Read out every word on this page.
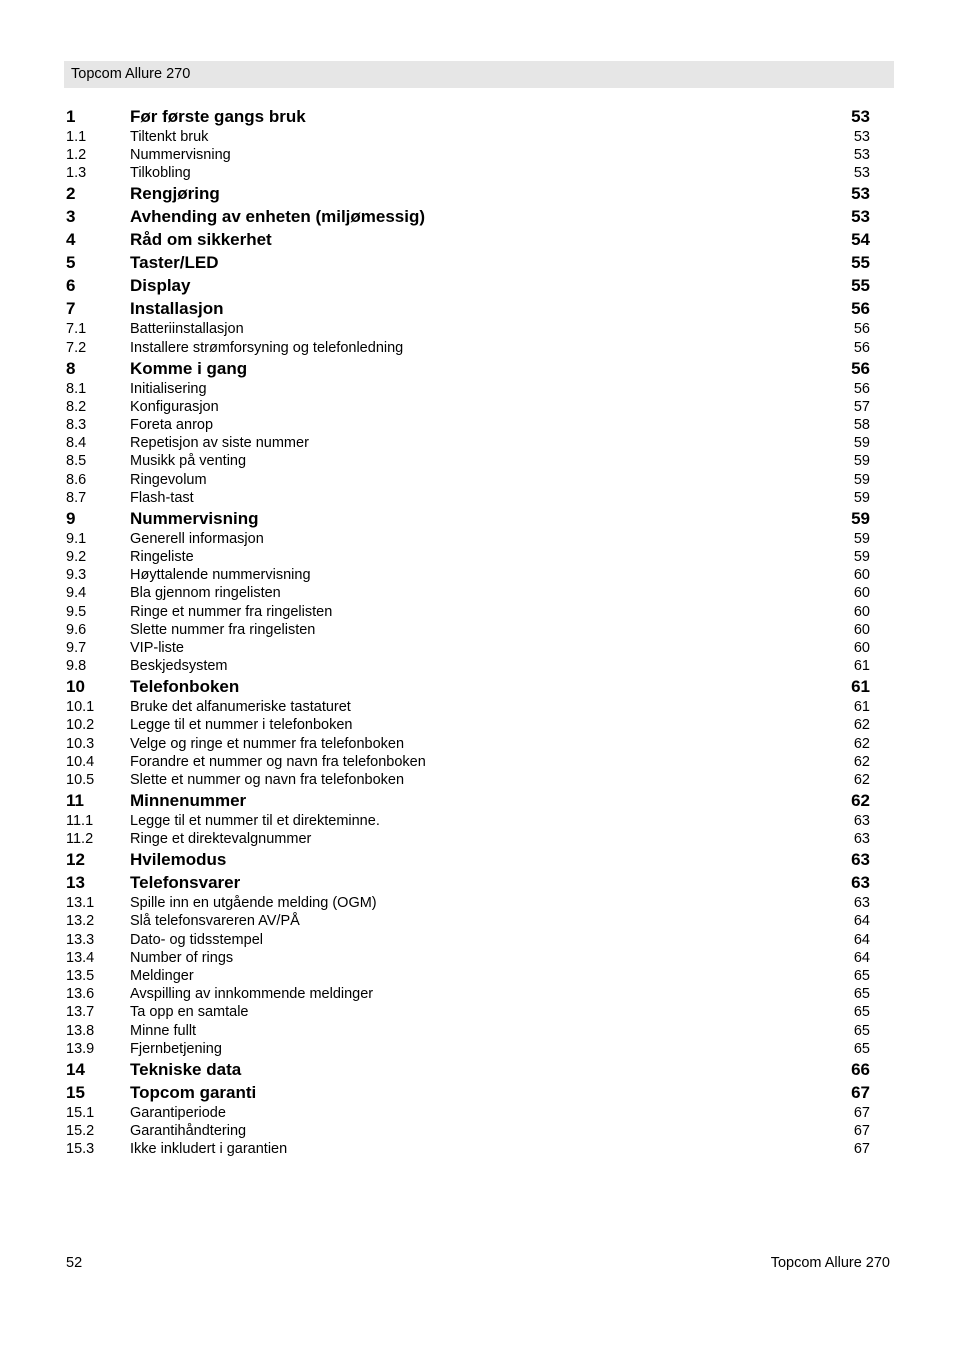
Topcom Allure 270
1	Før første gangs bruk	53
1.1	Tiltenkt bruk	53
1.2	Nummervisning	53
1.3	Tilkobling	53
2	Rengjøring	53
3	Avhending av enheten (miljømessig)	53
4	Råd om sikkerhet	54
5	Taster/LED	55
6	Display	55
7	Installasjon	56
7.1	Batteriinstallasjon	56
7.2	Installere strømforsyning og telefonledning	56
8	Komme i gang	56
8.1	Initialisering	56
8.2	Konfigurasjon	57
8.3	Foreta anrop	58
8.4	Repetisjon av siste nummer	59
8.5	Musikk på venting	59
8.6	Ringevolum	59
8.7	Flash-tast	59
9	Nummervisning	59
9.1	Generell informasjon	59
9.2	Ringeliste	59
9.3	Høyttalende nummervisning	60
9.4	Bla gjennom ringelisten	60
9.5	Ringe et nummer fra ringelisten	60
9.6	Slette nummer fra ringelisten	60
9.7	VIP-liste	60
9.8	Beskjedsystem	61
10	Telefonboken	61
10.1 Bruke det alfanumeriske tastaturet	61
10.2 Legge til et nummer i telefonboken	62
10.3 Velge og ringe et nummer fra telefonboken	62
10.4 Forandre et nummer og navn fra telefonboken	62
10.5 Slette et nummer og navn fra telefonboken	62
11	Minnenummer	62
11.1	Legge til et nummer til et direkteminne.	63
11.2	Ringe et direktevalgnummer	63
12	Hvilemodus	63
13	Telefonsvarer	63
13.1 Spille inn en utgående melding (OGM)	63
13.2 Slå telefonsvareren AV/PÅ	64
13.3 Dato- og tidsstempel	64
13.4 Number of rings	64
13.5 Meldinger	65
13.6 Avspilling av innkommende meldinger	65
13.7 Ta opp en samtale	65
13.8 Minne fullt	65
13.9 Fjernbetjening	65
14	Tekniske data	66
15	Topcom garanti	67
15.1 Garantiperiode	67
15.2 Garantihåndtering	67
15.3 Ikke inkludert i garantien	67
52	Topcom Allure 270
